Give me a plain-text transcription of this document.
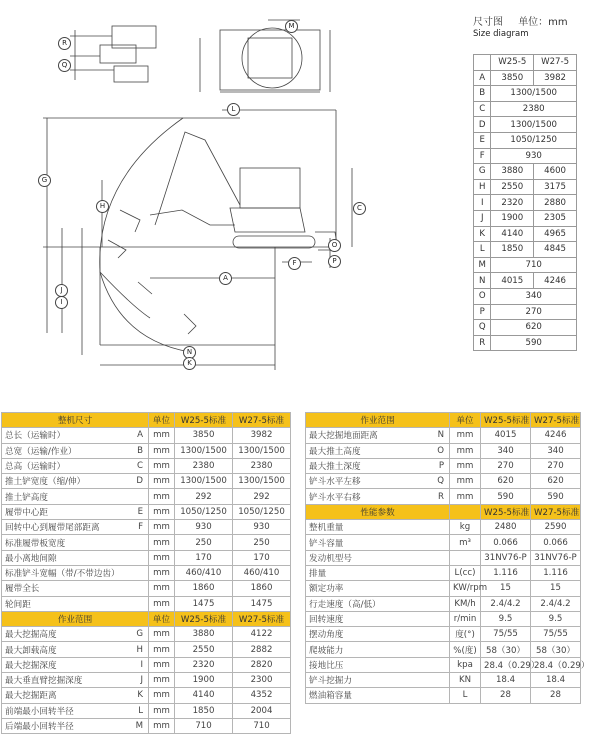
M
R
Q
L
G
H	C
O
P
F
A
J
I
N
K
尺寸图 单位：mm
Size diagram
	W25-5	W27-5
A	3850	3982
B	1300/1500	
C	2380	
D	1300/1500	
E	1050/1250	
F	930	
G	3880	4600
H	2550	3175
I	2320	2880
J	1900	2305
K	4140	4965
L	1850	4845
M	710	
N	4015	4246
O	340	
P	270	
Q	620	
R	590	
整机尺寸		单位	W25-5标准	W27-5标准
总长（运输时）	A	mm	3850	3982
总宽（运输/作业）	B	mm	1300/1500	1300/1500
总高（运输时）	C	mm	2380	2380
推土铲宽度（缩/伸）	D	mm	1300/1500	1300/1500
推土铲高度		mm	292	292
履带中心距	E	mm	1050/1250	1050/1250
回转中心到履带尾部距离	F	mm	930	930
标准履带板宽度		mm	250	250
最小离地间隙		mm	170	170
标准铲斗宽幅（带/不带边齿）		mm	460/410	460/410
履带全长		mm	1860	1860
轮间距		mm	1475	1475
作业范围		单位	W25-5标准	W27-5标准
最大挖掘高度	G	mm	3880	4122
最大卸载高度	H	mm	2550	2882
最大挖掘深度	I	mm	2320	2820
最大垂直臂挖掘深度	J	mm	1900	2300
最大挖掘距离	K	mm	4140	4352
前端最小回转半径	L	mm	1850	2004
后端最小回转半径	M	mm	710	710
作业范围		单位	W25-5标准	W27-5标准
最大挖掘地面距离	N	mm	4015	4246
最大推土高度	O	mm	340	340
最大推土深度	P	mm	270	270
铲斗水平左移	Q	mm	620	620
铲斗水平右移	R	mm	590	590
性能参数			W25-5标准	W27-5标准
整机重量		kg	2480	2590
铲斗容量		m³	0.066	0.066
发动机型号			31NV76-P	31NV76-P
排量		L(cc)	1.116	1.116
额定功率		KW/rpm	15	15
行走速度（高/低）		KM/h	2.4/4.2	2.4/4.2
回转速度		r/min	9.5	9.5
摆动角度		度(°)	75/55	75/55
爬坡能力		%(度)	58（30）	58（30）
接地比压		kpa	28.4（0.29）	28.4（0.29）
铲斗挖掘力		KN	18.4	18.4
燃油箱容量		L	28	28
